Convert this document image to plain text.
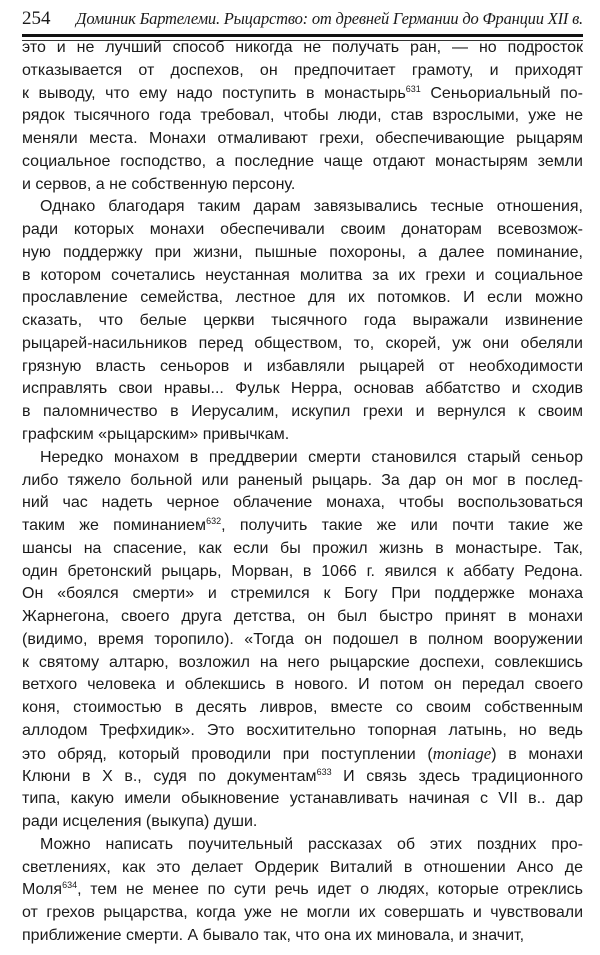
254 Доминик Бартелеми. Рыцарство: от древней Германии до Франции XII в.
это и не лучший способ никогда не получать ран, — но подросток
отказывается от доспехов, он предпочитает грамоту, и приходят
к выводу, что ему надо поступить в монастырь$^{631}$ Сеньориальный по-
рядок тысячного года требовал, чтобы люди, став взрослыми, уже не
меняли места. Монахи отмаливают грехи, обеспечивающие рыцарям
социальное господство, а последние чаще отдают монастырям земли
и сервов, а не собственную персону.
Однако благодаря таким дарам завязывались тесные отношения,
ради которых монахи обеспечивали своим донаторам всевозмож-
ную поддержку при жизни, пышные похороны, а далее поминание,
в котором сочетались неустанная молитва за их грехи и социальное
прославление семейства, лестное для их потомков. И если можно
сказать, что белые церкви тысячного года выражали извинение
рыцарей-насильников перед обществом, то, скорей, уж они обеляли
грязную власть сеньоров и избавляли рыцарей от необходимости
исправлять свои нравы... Фульк Нерра, основав аббатство и сходив
в паломничество в Иерусалим, искупил грехи и вернулся к своим
графским «рыцарским» привычкам.
Нередко монахом в преддверии смерти становился старый сеньор
либо тяжело больной или раненый рыцарь. За дар он мог в послед-
ний час надеть черное облачение монаха, чтобы воспользоваться
таким же поминанием$^{632}$, получить такие же или почти такие же
шансы на спасение, как если бы прожил жизнь в монастыре. Так,
один бретонский рыцарь, Морван, в 1066 г. явился к аббату Редона.
Он «боялся смерти» и стремился к Богу При поддержке монаха
Жарнегона, своего друга детства, он был быстро принят в монахи
(видимо, время торопило). «Тогда он подошел в полном вооружении
к святому алтарю, возложил на него рыцарские доспехи, совлекшись
ветхого человека и облекшись в нового. И потом он передал своего
коня, стоимостью в десять ливров, вместе со своим собственным
аллодом Трефхидик». Это восхитительно топорная латынь, но ведь
это обряд, который проводили при поступлении (moniage) в монахи
Клюни в X в., судя по документам$^{633}$ И связь здесь традиционного
типа, какую имели обыкновение устанавливать начиная с VII в.. дар
ради исцеления (выкупа) души.
Можно написать поучительный рассказах об этих поздних про-
светлениях, как это делает Ордерик Виталий в отношении Ансо де
Моля$^{634}$, тем не менее по сути речь идет о людях, которые отреклись
от грехов рыцарства, когда уже не могли их совершать и чувствовали
приближение смерти. А бывало так, что она их миновала, и значит,
